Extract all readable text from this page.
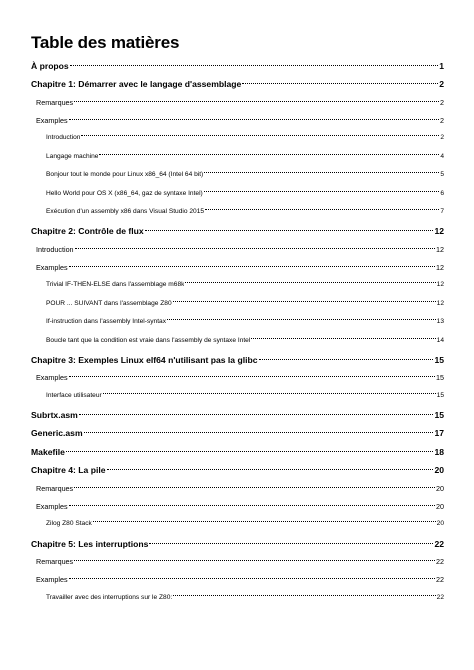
Table des matières
À propos	1
Chapitre 1: Démarrer avec le langage d'assemblage	2
Remarques	2
Examples	2
Introduction	2
Langage machine	4
Bonjour tout le monde pour Linux x86_64 (Intel 64 bit)	5
Hello World pour OS X (x86_64, gaz de syntaxe Intel)	6
Exécution d'un assembly x86 dans Visual Studio 2015	7
Chapitre 2: Contrôle de flux	12
Introduction	12
Examples	12
Trivial IF-THEN-ELSE dans l'assemblage m68k	12
POUR ... SUIVANT dans l'assemblage Z80	12
If-instruction dans l'assembly Intel-syntax	13
Boucle tant que la condition est vraie dans l'assembly de syntaxe Intel	14
Chapitre 3: Exemples Linux elf64 n'utilisant pas la glibc	15
Examples	15
Interface utilisateur	15
Subrtx.asm	15
Generic.asm	17
Makefile	18
Chapitre 4: La pile	20
Remarques	20
Examples	20
Zilog Z80 Stack	20
Chapitre 5: Les interruptions	22
Remarques	22
Examples	22
Travailler avec des interruptions sur le Z80:	22
